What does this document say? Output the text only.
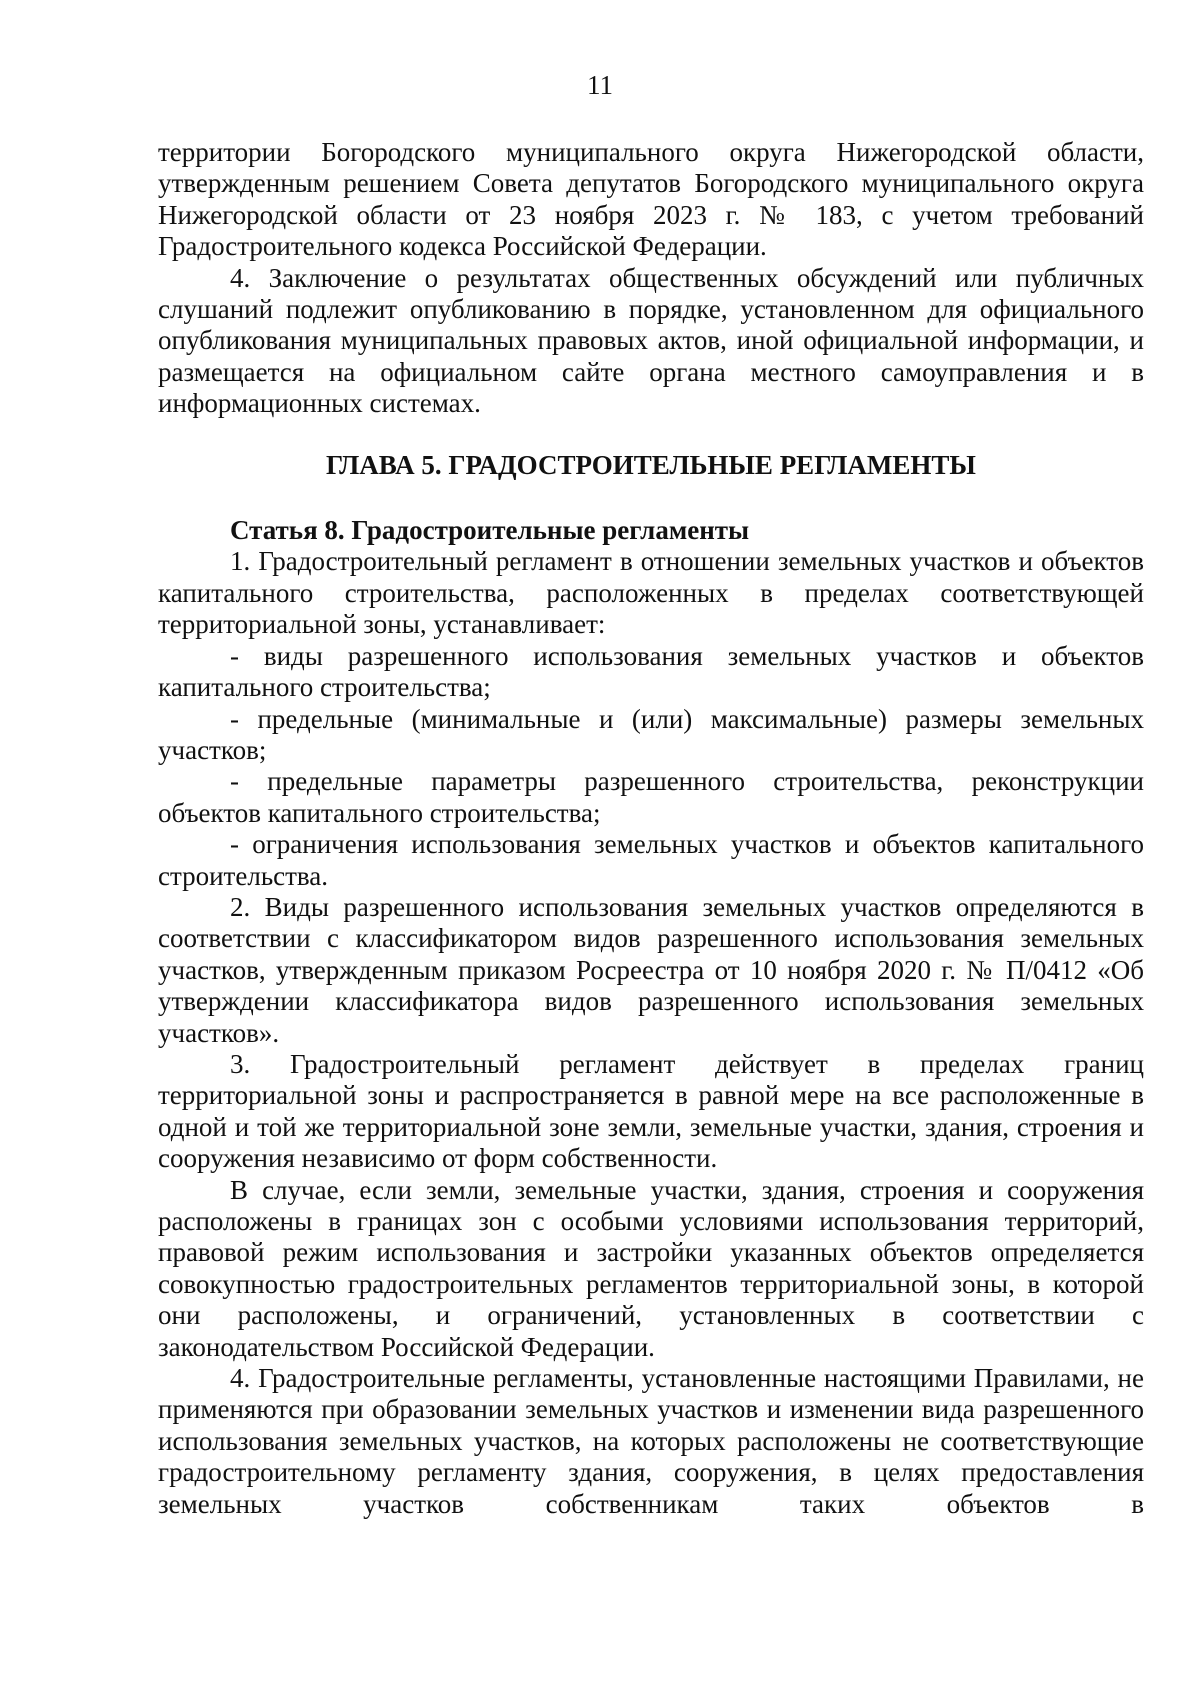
11

территории Богородского муниципального округа Нижегородской области, утвержденным решением Совета депутатов Богородского муниципального округа Нижегородской области от 23 ноября 2023 г. № 183, с учетом требований Градостроительного кодекса Российской Федерации.

4. Заключение о результатах общественных обсуждений или публичных слушаний подлежит опубликованию в порядке, установленном для официального опубликования муниципальных правовых актов, иной официальной информации, и размещается на официальном сайте органа местного самоуправления и в информационных системах.

ГЛАВА 5. ГРАДОСТРОИТЕЛЬНЫЕ РЕГЛАМЕНТЫ

Статья 8. Градостроительные регламенты

1. Градостроительный регламент в отношении земельных участков и объектов капитального строительства, расположенных в пределах соответствующей территориальной зоны, устанавливает:

- виды разрешенного использования земельных участков и объектов капитального строительства;

- предельные (минимальные и (или) максимальные) размеры земельных участков;

- предельные параметры разрешенного строительства, реконструкции объектов капитального строительства;

- ограничения использования земельных участков и объектов капитального строительства.

2. Виды разрешенного использования земельных участков определяются в соответствии с классификатором видов разрешенного использования земельных участков, утвержденным приказом Росреестра от 10 ноября 2020 г. № П/0412 «Об утверждении классификатора видов разрешенного использования земельных участков».

3. Градостроительный регламент действует в пределах границ территориальной зоны и распространяется в равной мере на все расположенные в одной и той же территориальной зоне земли, земельные участки, здания, строения и сооружения независимо от форм собственности.

В случае, если земли, земельные участки, здания, строения и сооружения расположены в границах зон с особыми условиями использования территорий, правовой режим использования и застройки указанных объектов определяется совокупностью градостроительных регламентов территориальной зоны, в которой они расположены, и ограничений, установленных в соответствии с законодательством Российской Федерации.

4. Градостроительные регламенты, установленные настоящими Правилами, не применяются при образовании земельных участков и изменении вида разрешенного использования земельных участков, на которых расположены не соответствующие градостроительному регламенту здания, сооружения, в целях предоставления земельных участков собственникам таких объектов в
